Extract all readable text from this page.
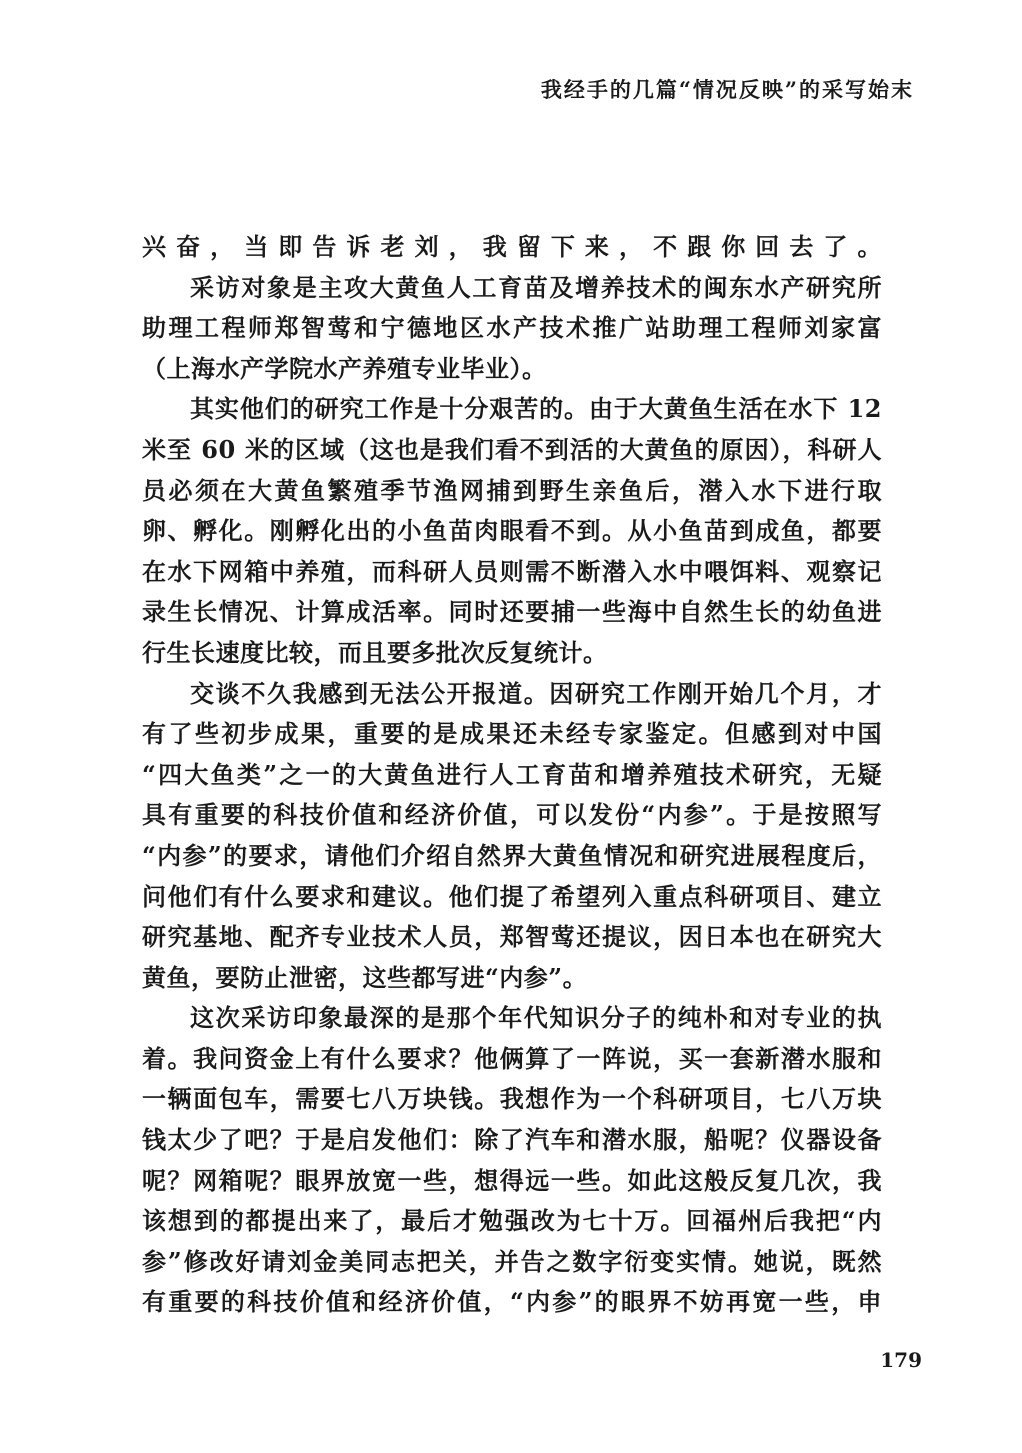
我经手的几篇“情况反映”的采写始末
兴奋，当即告诉老刘，我留下来，不跟你回去了。
采访对象是主攻大黄鱼人工育苗及增养技术的闽东水产研究所
助理工程师郑智莺和宁德地区水产技术推广站助理工程师刘家富
（上海水产学院水产养殖专业毕业）。
其实他们的研究工作是十分艰苦的。由于大黄鱼生活在水下 12
米至 60 米的区域（这也是我们看不到活的大黄鱼的原因），科研人
员必须在大黄鱼繁殖季节渔网捕到野生亲鱼后，潜入水下进行取
卵、孵化。刚孵化出的小鱼苗肉眼看不到。从小鱼苗到成鱼，都要
在水下网箱中养殖，而科研人员则需不断潜入水中喂饵料、观察记
录生长情况、计算成活率。同时还要捕一些海中自然生长的幼鱼进
行生长速度比较，而且要多批次反复统计。
交谈不久我感到无法公开报道。因研究工作刚开始几个月，才
有了些初步成果，重要的是成果还未经专家鉴定。但感到对中国
“四大鱼类”之一的大黄鱼进行人工育苗和增养殖技术研究，无疑
具有重要的科技价值和经济价值，可以发份“内参”。于是按照写
“内参”的要求，请他们介绍自然界大黄鱼情况和研究进展程度后，
问他们有什么要求和建议。他们提了希望列入重点科研项目、建立
研究基地、配齐专业技术人员，郑智莺还提议，因日本也在研究大
黄鱼，要防止泄密，这些都写进“内参”。
这次采访印象最深的是那个年代知识分子的纯朴和对专业的执
着。我问资金上有什么要求？他俩算了一阵说，买一套新潜水服和
一辆面包车，需要七八万块钱。我想作为一个科研项目，七八万块
钱太少了吧？于是启发他们：除了汽车和潜水服，船呢？仪器设备
呢？网箱呢？眼界放宽一些，想得远一些。如此这般反复几次，我
该想到的都提出来了，最后才勉强改为七十万。回福州后我把“内
参”修改好请刘金美同志把关，并告之数字衍变实情。她说，既然
有重要的科技价值和经济价值，“内参”的眼界不妨再宽一些，申
179
